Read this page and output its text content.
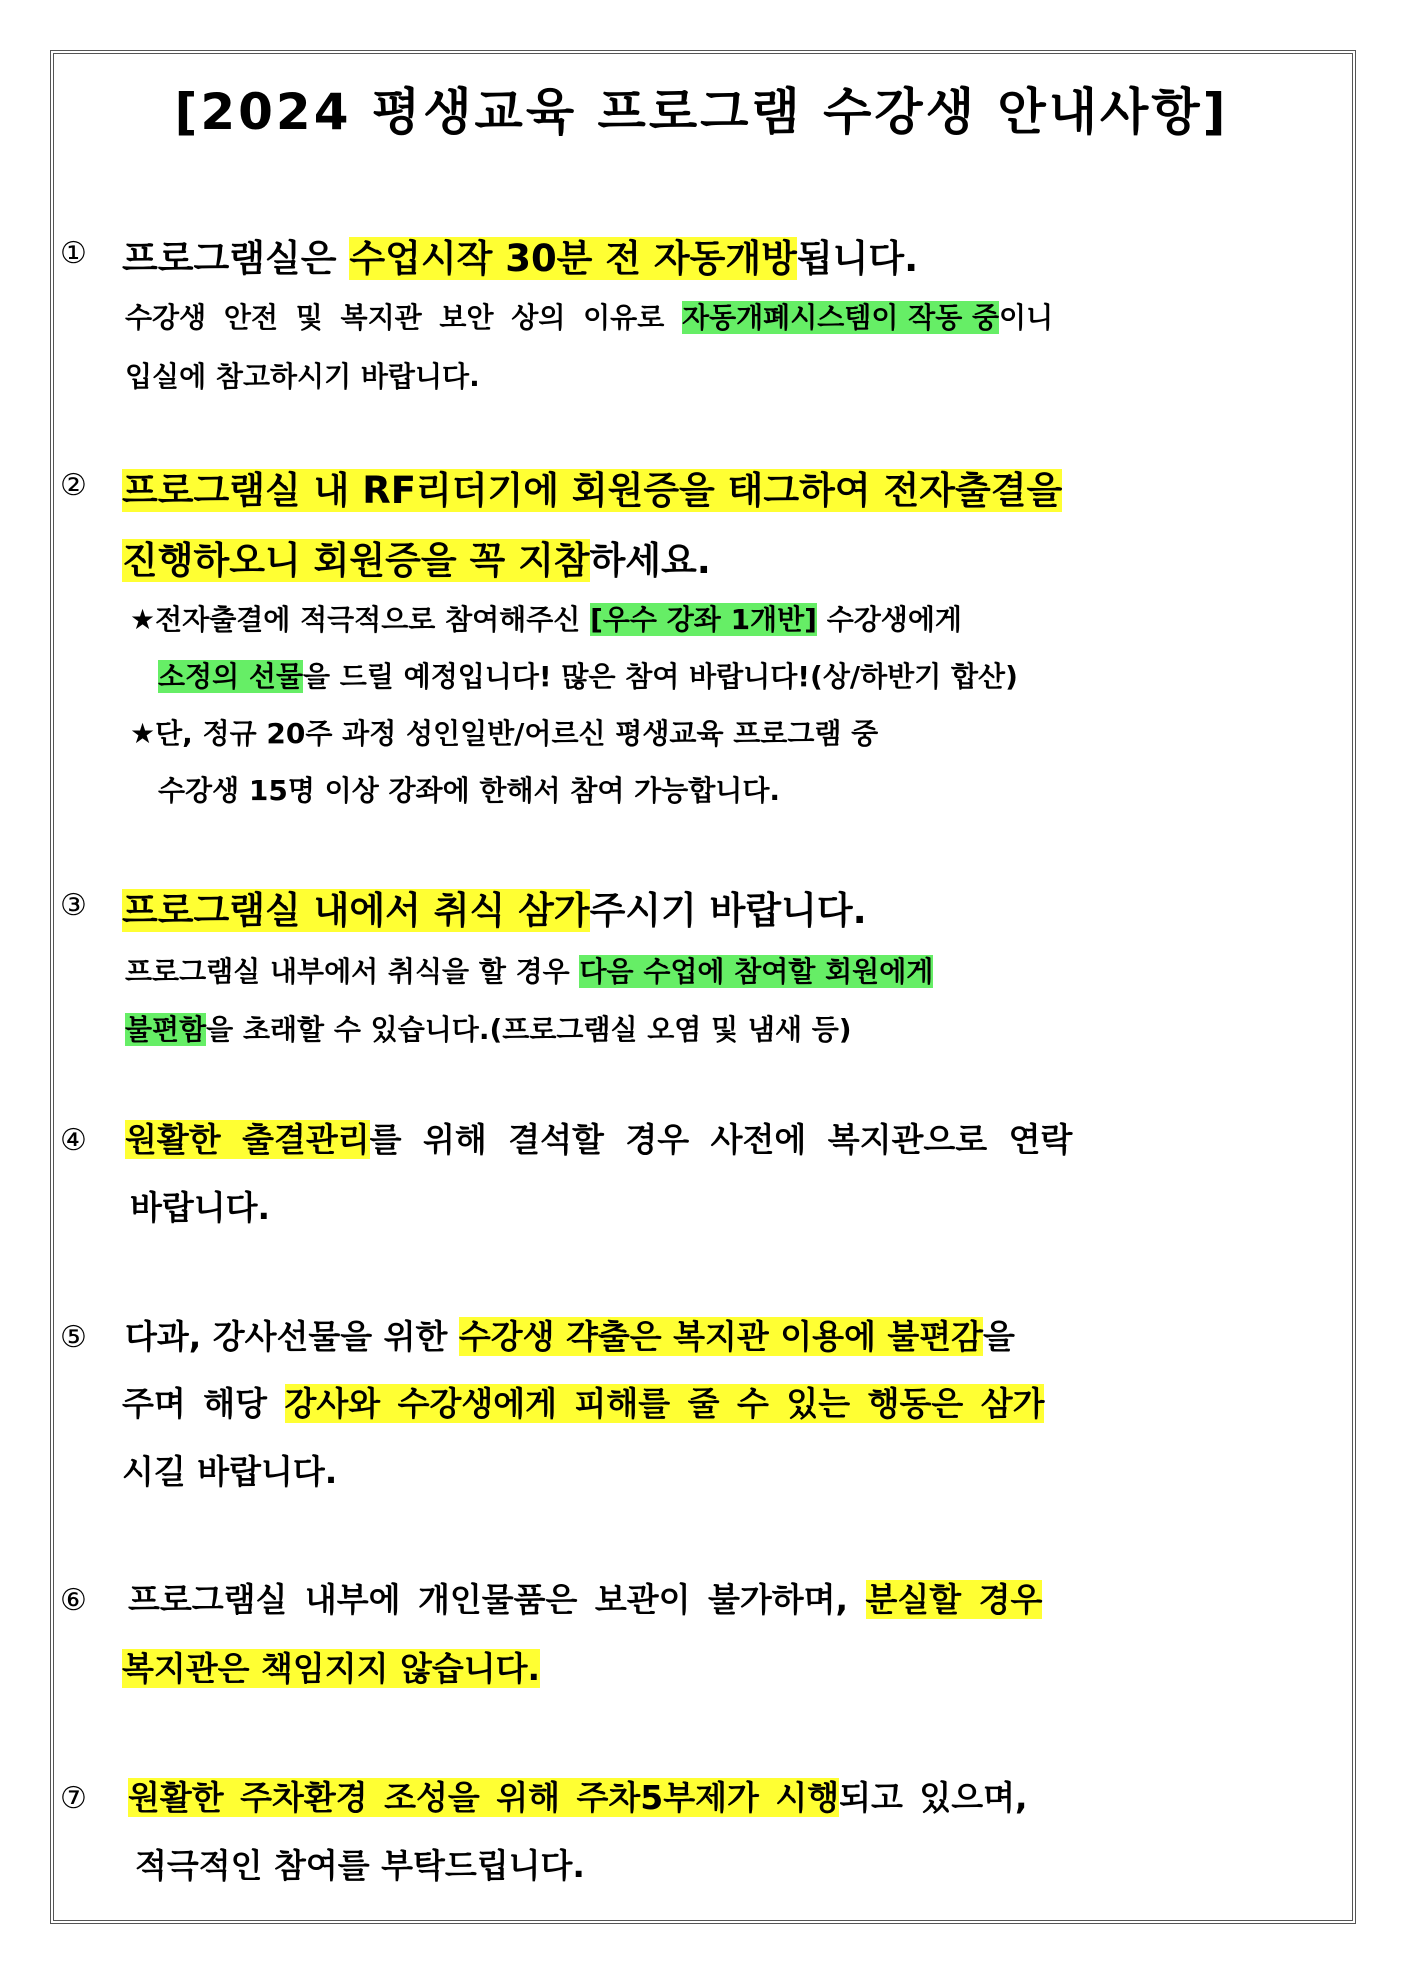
[2024 평생교육 프로그램 수강생 안내사항]
① 프로그램실은 수업시작 30분 전 자동개방됩니다.
수강생 안전 및 복지관 보안 상의 이유로 자동개폐시스템이 작동 중이니
입실에 참고하시기 바랍니다.
② 프로그램실 내 RF리더기에 회원증을 태그하여 전자출결을
진행하오니 회원증을 꼭 지참하세요.
★전자출결에 적극적으로 참여해주신 [우수 강좌 1개반] 수강생에게
소정의 선물을 드릴 예정입니다! 많은 참여 바랍니다!(상/하반기 합산)
★단, 정규 20주 과정 성인일반/어르신 평생교육 프로그램 중
수강생 15명 이상 강좌에 한해서 참여 가능합니다.
③ 프로그램실 내에서 취식 삼가주시기 바랍니다.
프로그램실 내부에서 취식을 할 경우 다음 수업에 참여할 회원에게
불편함을 초래할 수 있습니다.(프로그램실 오염 및 냄새 등)
④ 원활한 출결관리를 위해 결석할 경우 사전에 복지관으로 연락
바랍니다.
⑤ 다과, 강사선물을 위한 수강생 갹출은 복지관 이용에 불편감을
주며 해당 강사와 수강생에게 피해를 줄 수 있는 행동은 삼가
시길 바랍니다.
⑥ 프로그램실 내부에 개인물품은 보관이 불가하며, 분실할 경우
복지관은 책임지지 않습니다.
⑦ 원활한 주차환경 조성을 위해 주차5부제가 시행되고 있으며,
적극적인 참여를 부탁드립니다.
